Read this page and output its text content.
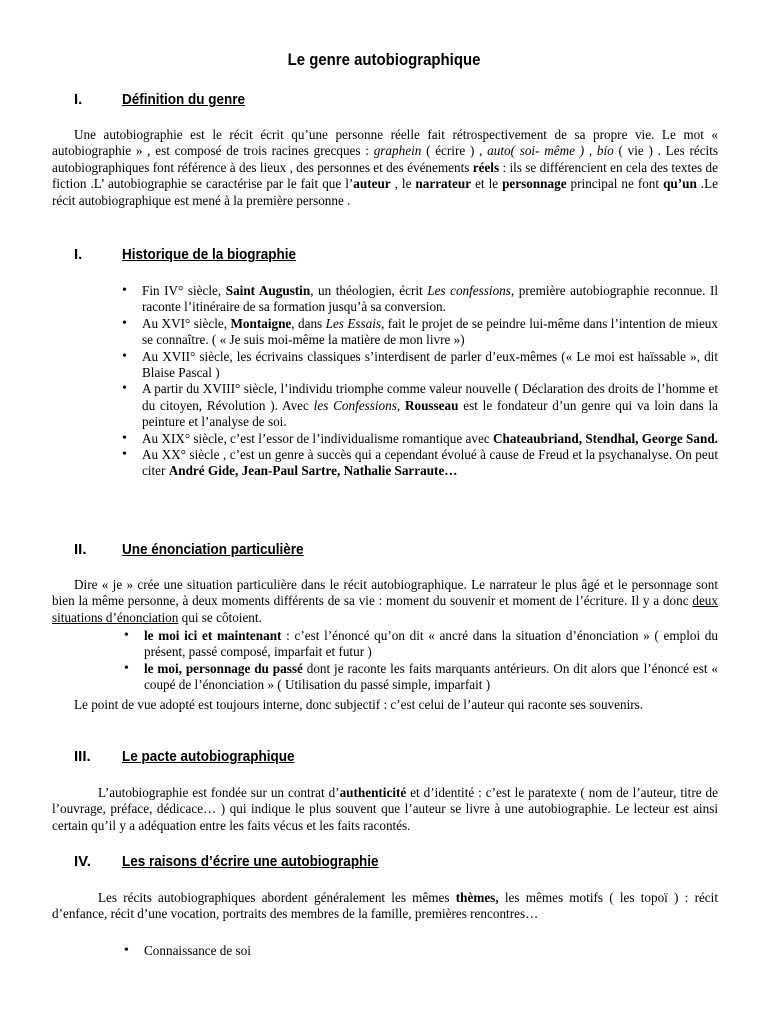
Le genre autobiographique
I.	Définition du genre
Une autobiographie est le récit écrit qu’une personne réelle fait rétrospectivement de sa propre vie. Le mot « autobiographie » , est composé de trois racines grecques : graphein ( écrire ) , auto( soi- même ) , bio ( vie ) . Les récits autobiographiques font référence à des lieux , des personnes et des événements réels : ils se différencient en cela des textes de fiction .L’ autobiographie se caractérise par le fait que l’auteur , le narrateur et le personnage principal ne font qu’un .Le récit autobiographique est mené à la première personne .
I.	Historique de la biographie
• Fin IV° siècle, Saint Augustin, un théologien, écrit Les confessions, première autobiographie reconnue. Il raconte l’itinéraire de sa formation jusqu’à sa conversion.
• Au XVI° siècle, Montaigne, dans Les Essais, fait le projet de se peindre lui-même dans l’intention de mieux se connaître. ( « Je suis moi-même la matière de mon livre »)
• Au XVII° siècle, les écrivains classiques s’interdisent de parler d’eux-mêmes (« Le moi est haïssable », dit Blaise Pascal )
• A partir du XVIII° siècle, l’individu triomphe comme valeur nouvelle ( Déclaration des droits de l’homme et du citoyen, Révolution ). Avec les Confessions, Rousseau est le fondateur d’un genre qui va loin dans la peinture et l’analyse de soi.
• Au XIX° siècle, c’est l’essor de l’individualisme romantique avec Chateaubriand, Stendhal, George Sand.
• Au XX° siècle , c’est un genre à succès qui a cependant évolué à cause de Freud et la psychanalyse. On peut citer André Gide, Jean-Paul Sartre, Nathalie Sarraute…
II. Une énonciation particulière
Dire « je » crée une situation particulière dans le récit autobiographique. Le narrateur le plus âgé et le personnage sont bien la même personne, à deux moments différents de sa vie : moment du souvenir et moment de l’écriture. Il y a donc deux situations d’énonciation qui se côtoient.
• le moi ici et maintenant : c’est l’énoncé qu’on dit « ancré dans la situation d’énonciation » ( emploi du présent, passé composé, imparfait et futur )
• le moi, personnage du passé dont je raconte les faits marquants antérieurs. On dit alors que l’énoncé est « coupé de l’énonciation » ( Utilisation du passé simple, imparfait )
Le point de vue adopté est toujours interne, donc subjectif : c’est celui de l’auteur qui raconte ses souvenirs.
III. Le pacte autobiographique
L’autobiographie est fondée sur un contrat d’authenticité et d’identité : c’est le paratexte ( nom de l’auteur, titre de l’ouvrage, préface, dédicace… ) qui indique le plus souvent que l’auteur se livre à une autobiographie. Le lecteur est ainsi certain qu’il y a adéquation entre les faits vécus et les faits racontés.
IV. Les raisons d’écrire une autobiographie
Les récits autobiographiques abordent généralement les mêmes thèmes, les mêmes motifs ( les topoï ) : récit d’enfance, récit d’une vocation, portraits des membres de la famille, premières rencontres…
• Connaissance de soi
